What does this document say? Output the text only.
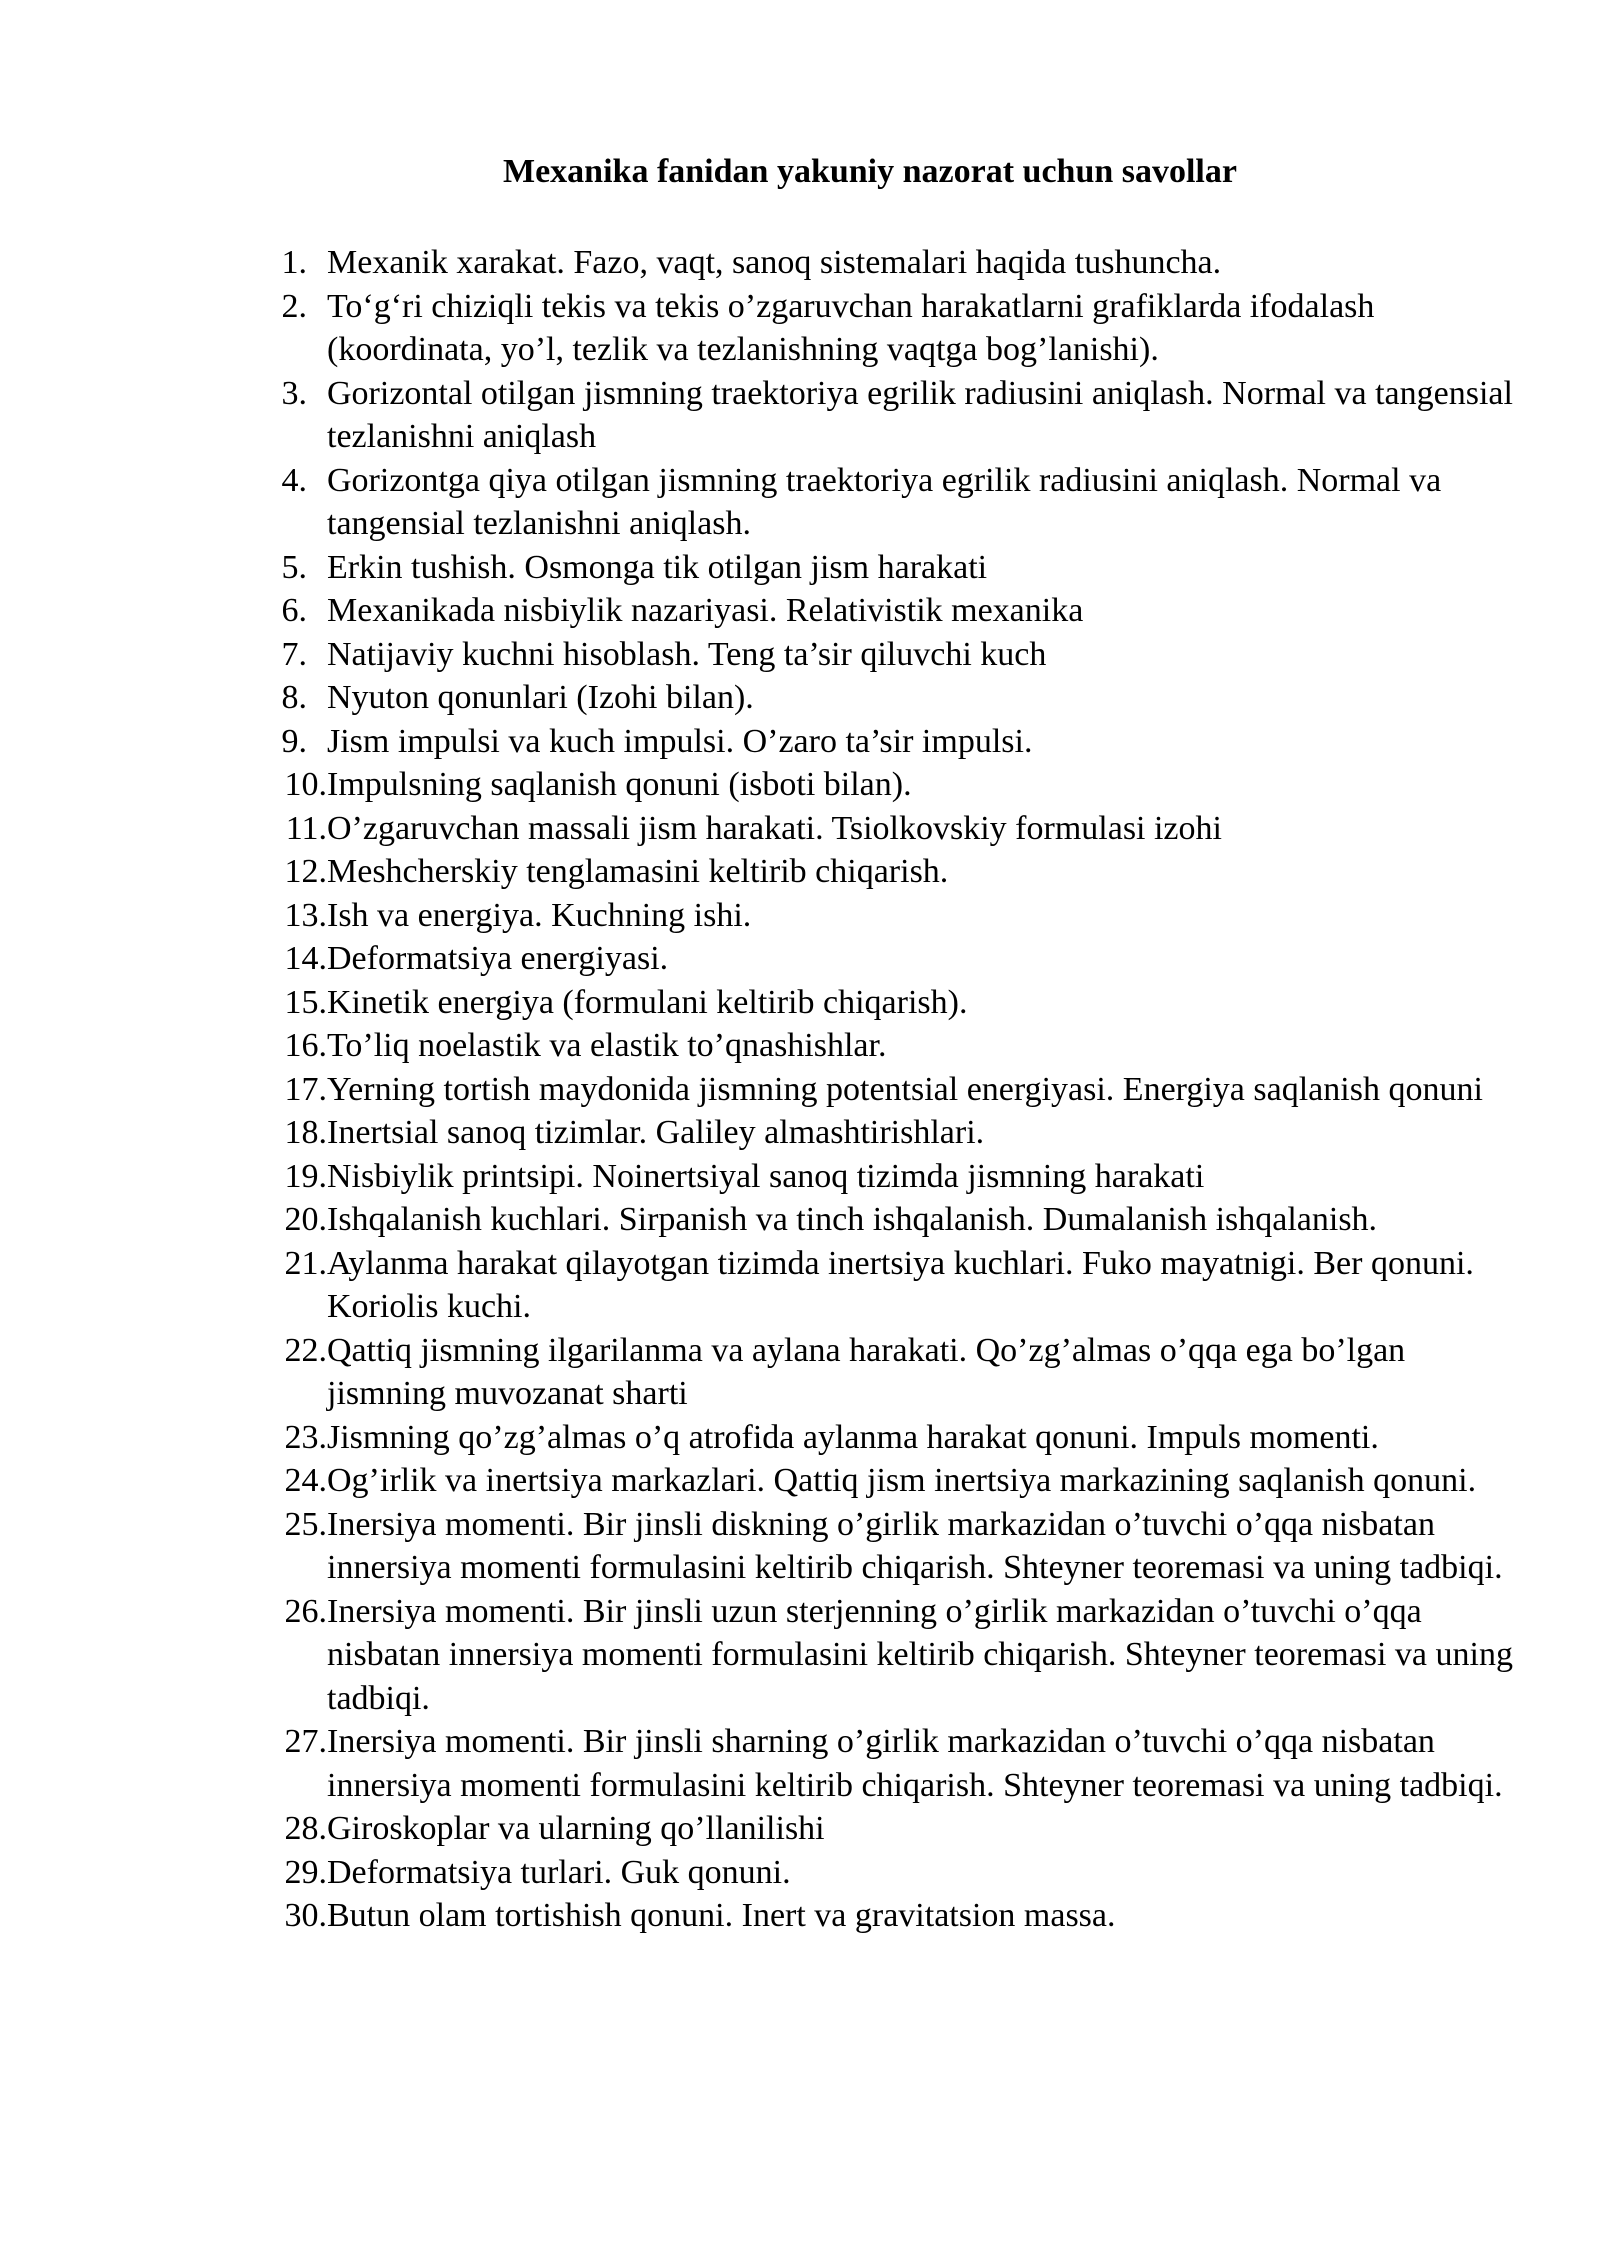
Mexanika fanidan yakuniy nazorat uchun savollar
1. Mexanik xarakat. Fazo, vaqt, sanoq sistemalari haqida tushuncha.
2. To‘g‘ri chiziqli tekis va tekis o’zgaruvchan harakatlarni grafiklarda ifodalash (koordinata, yo’l, tezlik va tezlanishning vaqtga bog’lanishi).
3. Gorizontal otilgan jismning traektoriya egrilik radiusini aniqlash. Normal va tangensial tezlanishni aniqlash
4. Gorizontga qiya otilgan jismning traektoriya egrilik radiusini aniqlash. Normal va tangensial tezlanishni aniqlash.
5. Erkin tushish. Osmonga tik otilgan jism harakati
6. Mexanikada nisbiylik nazariyasi. Relativistik mexanika
7. Natijaviy kuchni hisoblash. Teng ta’sir qiluvchi kuch
8. Nyuton qonunlari (Izohi bilan).
9. Jism impulsi va kuch impulsi. O’zaro ta’sir impulsi.
10. Impulsning saqlanish qonuni (isboti bilan).
11. O’zgaruvchan massali jism harakati. Tsiolkovskiy formulasi izohi
12. Meshcherskiy tenglamasini keltirib chiqarish.
13. Ish va energiya. Kuchning ishi.
14. Deformatsiya energiyasi.
15. Kinetik energiya (formulani keltirib chiqarish).
16. To’liq noelastik va elastik to’qnashishlar.
17. Yerning tortish maydonida jismning potentsial energiyasi. Energiya saqlanish qonuni
18. Inertsial sanoq tizimlar. Galiley almashtirishlari.
19. Nisbiylik printsipi. Noinertsiyal sanoq tizimda jismning harakati
20. Ishqalanish kuchlari. Sirpanish va tinch ishqalanish. Dumalanish ishqalanish.
21. Aylanma harakat qilayotgan tizimda inertsiya kuchlari. Fuko mayatnigi. Ber qonuni. Koriolis kuchi.
22. Qattiq jismning ilgarilanma va aylana harakati. Qo’zg’almas o’qqa ega bo’lgan jismning muvozanat sharti
23. Jismning qo’zg’almas o’q atrofida aylanma harakat qonuni. Impuls momenti.
24. Og’irlik va inertsiya markazlari. Qattiq jism inertsiya markazining saqlanish qonuni.
25. Inersiya momenti. Bir jinsli diskning o’girlik markazidan o’tuvchi o’qqa nisbatan innersiya momenti formulasini keltirib chiqarish. Shteyner teoremasi va uning tadbiqi.
26. Inersiya momenti. Bir jinsli uzun sterjenning o’girlik markazidan o’tuvchi o’qqa nisbatan innersiya momenti formulasini keltirib chiqarish. Shteyner teoremasi va uning tadbiqi.
27. Inersiya momenti. Bir jinsli sharning o’girlik markazidan o’tuvchi o’qqa nisbatan innersiya momenti formulasini keltirib chiqarish. Shteyner teoremasi va uning tadbiqi.
28. Giroskoplar va ularning qo’llanilishi
29. Deformatsiya turlari. Guk qonuni.
30. Butun olam tortishish qonuni. Inert va gravitatsion massa.
